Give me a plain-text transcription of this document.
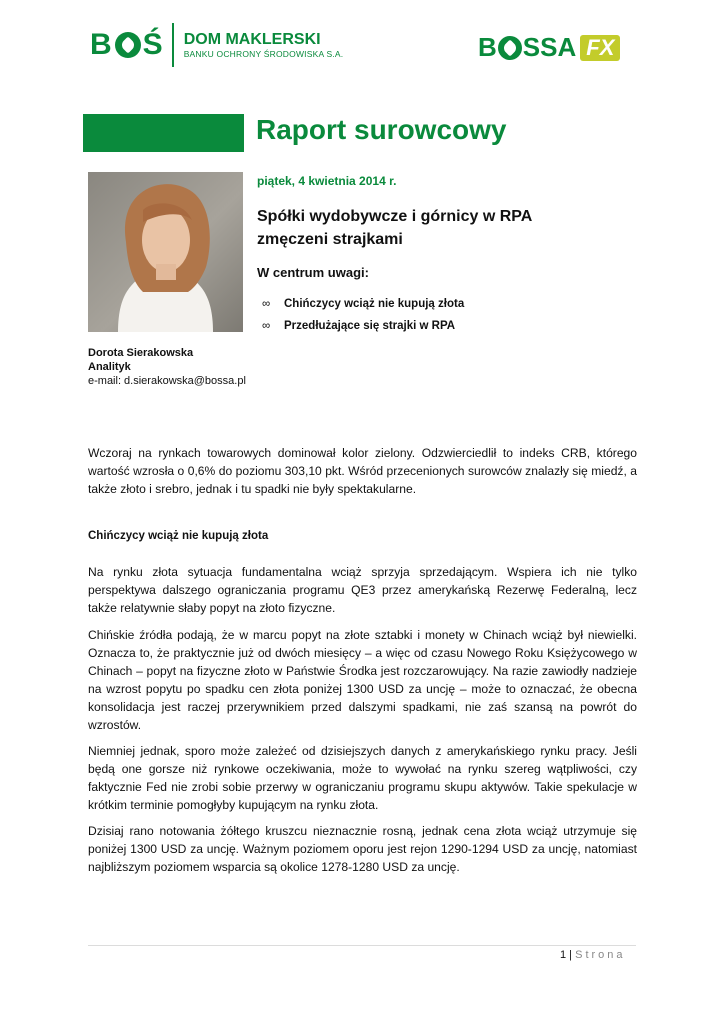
B Ś DOM MAKLERSKI
BANKU OCHRONY ŚRODOWISKA S.A.	B SSA FX
Raport surowcowy
piątek, 4 kwietnia 2014 r.
Spółki wydobywcze i górnicy w RPA zmęczeni strajkami
W centrum uwagi:
∞	Chińczycy wciąż nie kupują złota
∞	Przedłużające się strajki w RPA
Dorota Sierakowska
Analityk
e-mail: d.sierakowska@bossa.pl
Wczoraj na rynkach towarowych dominował kolor zielony. Odzwierciedlił to indeks CRB, którego wartość wzrosła o 0,6% do poziomu 303,10 pkt. Wśród przecenionych surowców znalazły się miedź, a także złoto i srebro, jednak i tu spadki nie były spektakularne.
Chińczycy wciąż nie kupują złota
Na rynku złota sytuacja fundamentalna wciąż sprzyja sprzedającym. Wspiera ich nie tylko perspektywa dalszego ograniczania programu QE3 przez amerykańską Rezerwę Federalną, lecz także relatywnie słaby popyt na złoto fizyczne.
Chińskie źródła podają, że w marcu popyt na złote sztabki i monety w Chinach wciąż był niewielki. Oznacza to, że praktycznie już od dwóch miesięcy – a więc od czasu Nowego Roku Księżycowego w Chinach – popyt na fizyczne złoto w Państwie Środka jest rozczarowujący. Na razie zawiodły nadzieje na wzrost popytu po spadku cen złota poniżej 1300 USD za uncję – może to oznaczać, że obecna konsolidacja jest raczej przerywnikiem przed dalszymi spadkami, nie zaś szansą na powrót do wzrostów.
Niemniej jednak, sporo może zależeć od dzisiejszych danych z amerykańskiego rynku pracy. Jeśli będą one gorsze niż rynkowe oczekiwania, może to wywołać na rynku szereg wątpliwości, czy faktycznie Fed nie zrobi sobie przerwy w ograniczaniu programu skupu aktywów. Takie spekulacje w krótkim terminie pomogłyby kupującym na rynku złota.
Dzisiaj rano notowania żółtego kruszcu nieznacznie rosną, jednak cena złota wciąż utrzymuje się poniżej 1300 USD za uncję. Ważnym poziomem oporu jest rejon 1290-1294 USD za uncję, natomiast najbliższym poziomem wsparcia są okolice 1278-1280 USD za uncję.
1 | Strona
